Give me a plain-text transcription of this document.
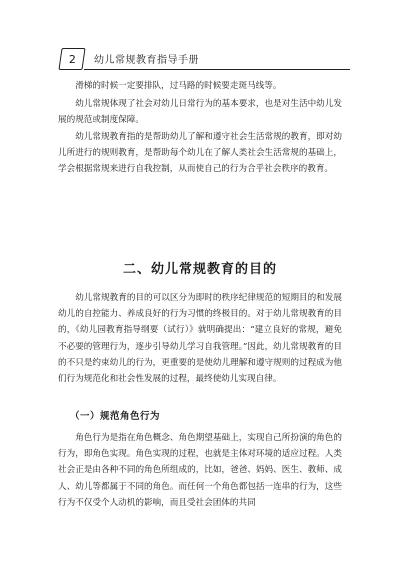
2 幼儿常规教育指导手册

滑梯的时候一定要排队，过马路的时候要走斑马线等。

幼儿常规体现了社会对幼儿日常行为的基本要求，也是对生活中幼儿发展的规范或制度保障。

幼儿常规教育指的是帮助幼儿了解和遵守社会生活常规的教育，即对幼儿所进行的规则教育，是帮助每个幼儿在了解人类社会生活常规的基础上，学会根据常规来进行自我控制，从而使自己的行为合乎社会秩序的教育。

二、幼儿常规教育的目的

幼儿常规教育的目的可以区分为即时的秩序纪律规范的短期目的和发展幼儿的自控能力、养成良好的行为习惯的终极目的。对于幼儿常规教育的目的，《幼儿园教育指导纲要（试行）》就明确提出：“建立良好的常规，避免不必要的管理行为，逐步引导幼儿学习自我管理。”因此，幼儿常规教育的目的不只是约束幼儿的行为，更重要的是使幼儿理解和遵守规则的过程成为他们行为规范化和社会性发展的过程，最终使幼儿实现自律。

（一）规范角色行为

角色行为是指在角色概念、角色期望基础上，实现自己所扮演的角色的行为，即角色实现。角色实现的过程，也就是主体对环境的适应过程。人类社会正是由各种不同的角色所组成的，比如，爸爸、妈妈、医生、教师、成人、幼儿等都属于不同的角色。而任何一个角色都包括一连串的行为，这些行为不仅受个人动机的影响，而且受社会团体的共同
